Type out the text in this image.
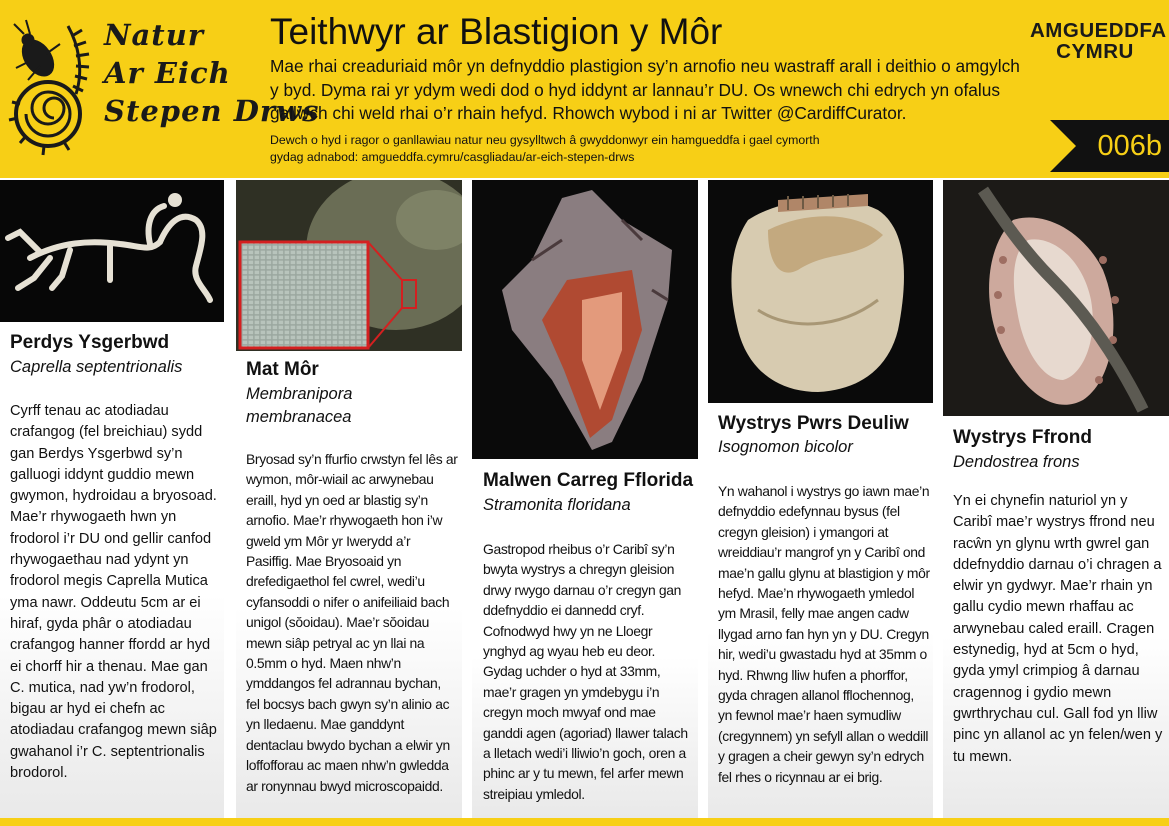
Natur
Ar Eich
Stepen Drws
Teithwyr ar Blastigion y Môr

Mae rhai creaduriaid môr yn defnyddio plastigion sy’n arnofio neu wastraff arall i deithio o amgylch y byd. Dyma rai yr ydym wedi dod o hyd iddynt ar lannau’r DU. Os wnewch chi edrych yn ofalus gallwch chi weld rhai o’r rhain hefyd. Rhowch wybod i ni ar Twitter @CardiffCurator.

Dewch o hyd i ragor o ganllawiau natur neu gysylltwch â gwyddonwyr ein hamgueddfa i gael cymorth gydag adnabod: amgueddfa.cymru/casgliadau/ar-eich-stepen-drws

AMGUEDDFA
CYMRU
006b
Perdys Ysgerbwd
Caprella septentrionalis

Cyrff tenau ac atodiadau crafangog (fel breichiau) sydd gan Berdys Ysgerbwd sy’n galluogi iddynt guddio mewn gwymon, hydroidau a bryosoad. Mae’r rhywogaeth hwn yn frodorol i’r DU ond gellir canfod rhywogaethau nad ydynt yn frodorol megis Caprella Mutica yma nawr. Oddeutu 5cm ar ei hiraf, gyda phâr o atodiadau crafangog hanner ffordd ar hyd ei chorff hir a thenau. Mae gan C. mutica, nad yw’n frodorol, bigau ar hyd ei chefn ac atodiadau crafangog mewn siâp gwahanol i’r C. septentrionalis brodorol.

Mat Môr
Membranipora membranacea

Bryosad sy’n ffurfio crwstyn fel lês ar wymon, môr-wiail ac arwynebau eraill, hyd yn oed ar blastig sy’n arnofio. Mae’r rhywogaeth hon i’w gweld ym Môr yr Iwerydd a’r Pasiffig. Mae Bryosoaid yn drefedigaethol fel cwrel, wedi’u cyfansoddi o nifer o anifeiliaid bach unigol (sŏoidau). Mae’r sŏoidau mewn siâp petryal ac yn llai na 0.5mm o hyd. Maen nhw’n ymddangos fel adrannau bychan, fel bocsys bach gwyn sy’n alinio ac yn lledaenu. Mae ganddynt dentaclau bwydo bychan a elwir yn loffofforau ac maen nhw’n gwledda ar ronynnau bwyd microscopaidd.

Malwen Carreg Fflorida
Stramonita floridana

Gastropod rheibus o’r Caribî sy’n bwyta wystrys a chregyn gleision drwy rwygo darnau o’r cregyn gan ddefnyddio ei dannedd cryf. Cofnodwyd hwy yn ne Lloegr ynghyd ag wyau heb eu deor. Gydag uchder o hyd at 33mm, mae’r gragen yn ymdebygu i’n cregyn moch mwyaf ond mae ganddi agen (agoriad) llawer talach a lletach wedi’i lliwio’n goch, oren a phinc ar y tu mewn, fel arfer mewn streipiau ymledol.

Wystrys Pwrs Deuliw
Isognomon bicolor

Yn wahanol i wystrys go iawn mae’n defnyddio edefynnau bysus (fel cregyn gleision) i ymangori at wreiddiau’r mangrof yn y Caribî ond mae’n gallu glynu at blastigion y môr hefyd. Mae’n rhywogaeth ymledol ym Mrasil, felly mae angen cadw llygad arno fan hyn yn y DU. Cregyn hir, wedi’u gwastadu hyd at 35mm o hyd. Rhwng lliw hufen a phorffor, gyda chragen allanol fflochennog, yn fewnol mae’r haen symudliw (cregynnem) yn sefyll allan o weddill y gragen a cheir gewyn sy’n edrych fel rhes o ricynnau ar ei brig.

Wystrys Ffrond
Dendostrea frons

Yn ei chynefin naturiol yn y Caribî mae’r wystrys ffrond neu racŵn yn glynu wrth gwrel gan ddefnyddio darnau o’i chragen a elwir yn gydwyr. Mae’r rhain yn gallu cydio mewn rhaffau ac arwynebau caled eraill. Cragen estynedig, hyd at 5cm o hyd, gyda ymyl crimpiog â darnau cragennog i gydio mewn gwrthrychau cul. Gall fod yn lliw pinc yn allanol ac yn felen/wen y tu mewn.
